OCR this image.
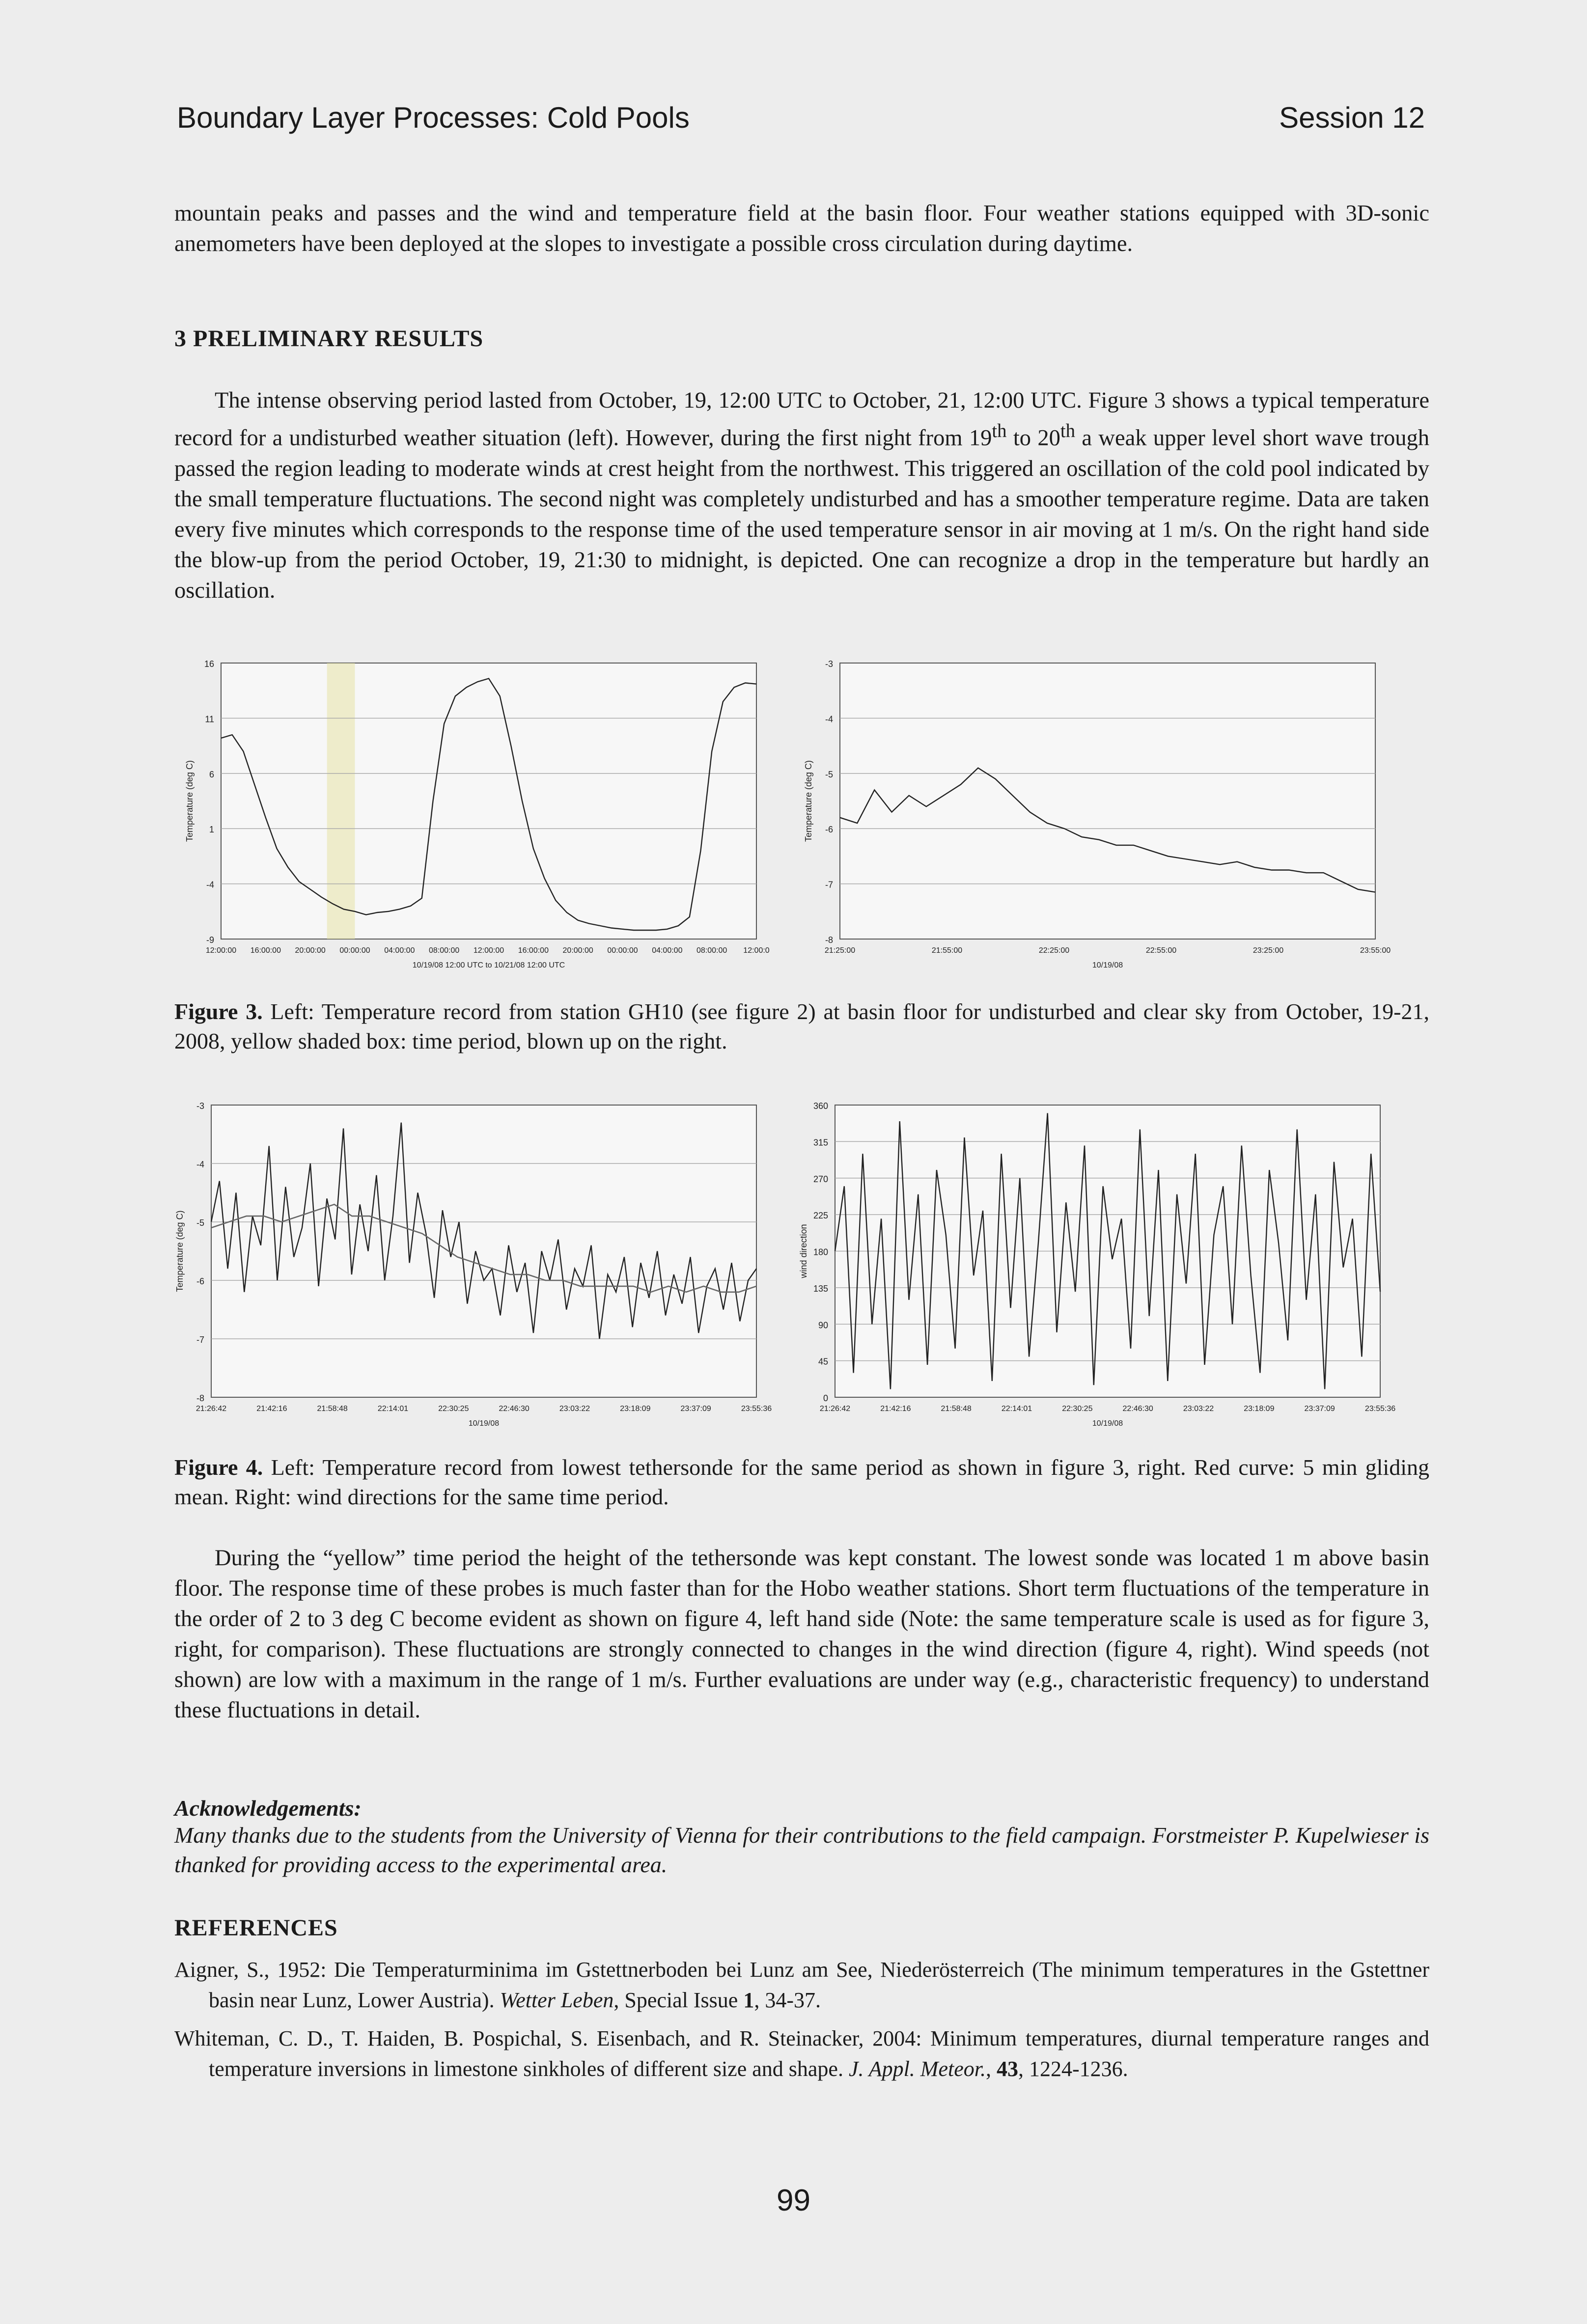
Boundary Layer Processes: Cold Pools	Session 12

mountain peaks and passes and the wind and temperature field at the basin floor. Four weather stations equipped with 3D-sonic anemometers have been deployed at the slopes to investigate a possible cross circulation during daytime.

3 PRELIMINARY RESULTS

The intense observing period lasted from October, 19, 12:00 UTC to October, 21, 12:00 UTC. Figure 3 shows a typical temperature record for a undisturbed weather situation (left). However, during the first night from 19th to 20th a weak upper level short wave trough passed the region leading to moderate winds at crest height from the northwest. This triggered an oscillation of the cold pool indicated by the small temperature fluctuations. The second night was completely undisturbed and has a smoother temperature regime. Data are taken every five minutes which corresponds to the response time of the used temperature sensor in air moving at 1 m/s. On the right hand side the blow-up from the period October, 19, 21:30 to midnight, is depicted. One can recognize a drop in the temperature but hardly an oscillation.

16
11
6
1
-4
-9
12:00:00 16:00:00 20:00:00 00:00:00 04:00:00 08:00:00 12:00:00 16:00:00 20:00:00 00:00:00 04:00:00 08:00:00 12:00:0
10/19/08 12:00 UTC to 10/21/08 12:00 UTC
Temperature (deg C)
-3
-4
-5
-6
-7
-8
21:25:00	21:55:00	22:25:00	22:55:00	23:25:00	23:55:00
10/19/08
Temperature (deg C)
Figure 3. Left: Temperature record from station GH10 (see figure 2) at basin floor for undisturbed and clear sky from October, 19-21, 2008, yellow shaded box: time period, blown up on the right.
-3
-4
-5
-6
-7
-8
21:26:42	21:42:16	21:58:48	22:14:01	22:30:25	22:46:30	23:03:22	23:18:09	23:37:09	23:55:36
10/19/08
Temperature (deg C)
360
315
270
225
180
135
90
45
0
21:26:42	21:42:16	21:58:48	22:14:01	22:30:25	22:46:30	23:03:22	23:18:09	23:37:09	23:55:36
10/19/08
wind direction
Figure 4. Left: Temperature record from lowest tethersonde for the same period as shown in figure 3, right. Red curve: 5 min gliding mean. Right: wind directions for the same time period.

During the “yellow” time period the height of the tethersonde was kept constant. The lowest sonde was located 1 m above basin floor. The response time of these probes is much faster than for the Hobo weather stations. Short term fluctuations of the temperature in the order of 2 to 3 deg C become evident as shown on figure 4, left hand side (Note: the same temperature scale is used as for figure 3, right, for comparison). These fluctuations are strongly connected to changes in the wind direction (figure 4, right). Wind speeds (not shown) are low with a maximum in the range of 1 m/s. Further evaluations are under way (e.g., characteristic frequency) to understand these fluctuations in detail.

Acknowledgements:
Many thanks due to the students from the University of Vienna for their contributions to the field campaign. Forstmeister P. Kupelwieser is thanked for providing access to the experimental area.
REFERENCES
Aigner, S., 1952: Die Temperaturminima im Gstettnerboden bei Lunz am See, Niederösterreich (The minimum temperatures in the Gstettner basin near Lunz, Lower Austria). Wetter Leben, Special Issue 1, 34-37.
Whiteman, C. D., T. Haiden, B. Pospichal, S. Eisenbach, and R. Steinacker, 2004: Minimum temperatures, diurnal temperature ranges and temperature inversions in limestone sinkholes of different size and shape. J. Appl. Meteor., 43, 1224-1236.
99
